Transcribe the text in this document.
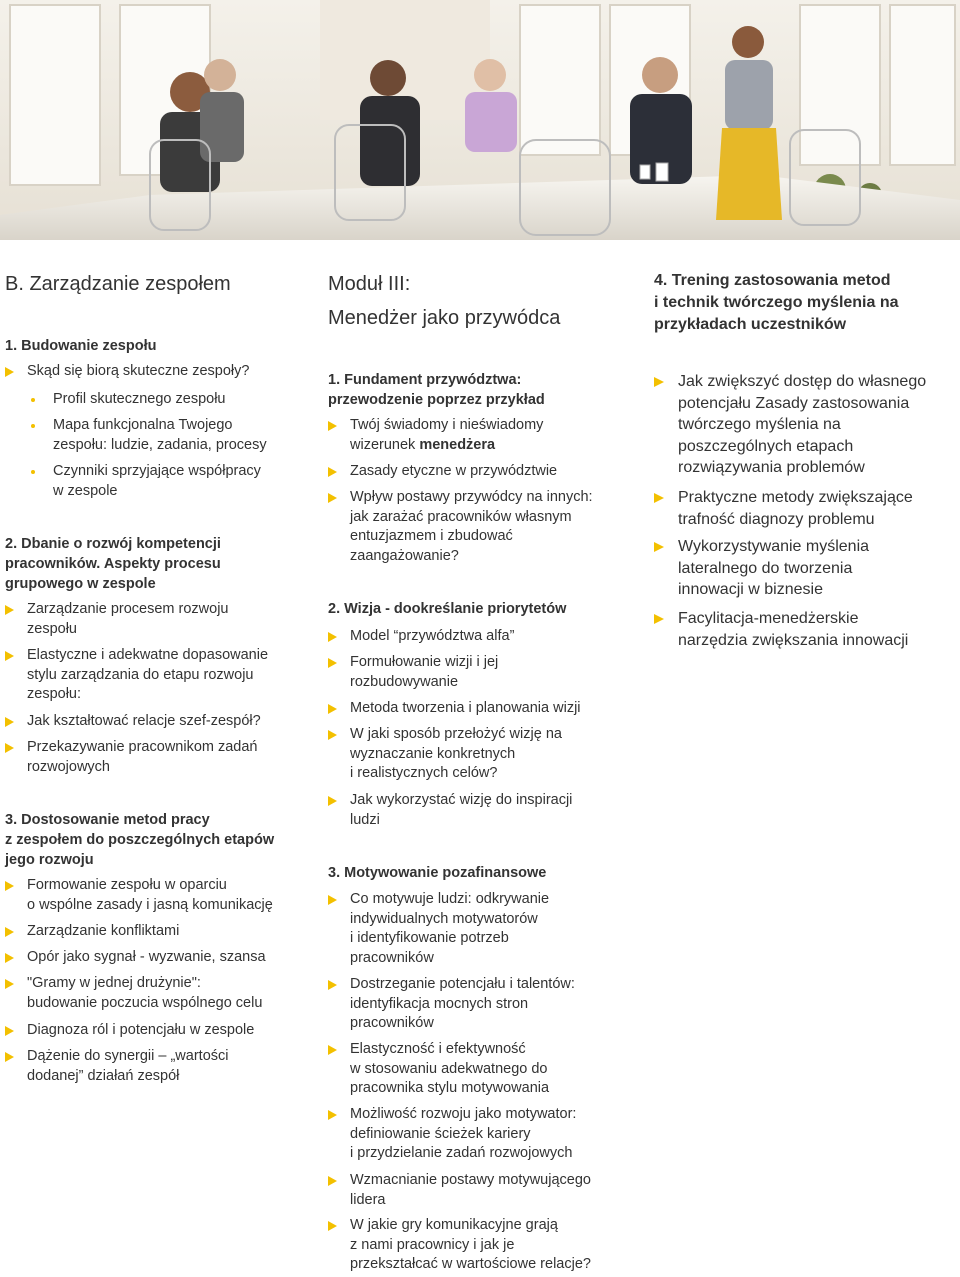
B. Zarządzanie zespołem
1. Budowanie zespołu
Skąd się biorą skuteczne zespoły?
Profil skutecznego zespołu
Mapa funkcjonalna Twojego
zespołu: ludzie, zadania, procesy
Czynniki sprzyjające współpracy
w zespole
2. Dbanie o rozwój kompetencji
pracowników. Aspekty procesu
grupowego w zespole
Zarządzanie procesem rozwoju
zespołu
Elastyczne i adekwatne dopasowanie
stylu zarządzania do etapu rozwoju
zespołu:
Jak kształtować relacje szef-zespół?
Przekazywanie pracownikom zadań
rozwojowych
3. Dostosowanie metod pracy
z zespołem do poszczególnych etapów
jego rozwoju
Formowanie zespołu w oparciu
o wspólne zasady i jasną komunikację
Zarządzanie konfliktami
Opór jako sygnał - wyzwanie, szansa
"Gramy w jednej drużynie":
budowanie poczucia wspólnego celu
Diagnoza ról i potencjału w zespole
Dążenie do synergii – „wartości
dodanej” działań zespół
Moduł III:
Menedżer jako przywódca
1. Fundament przywództwa:
przewodzenie poprzez przykład
Twój świadomy i nieświadomy
wizerunek menedżera
Zasady etyczne w przywództwie
Wpływ postawy przywódcy na innych:
jak zarażać pracowników własnym
entuzjazmem i zbudować
zaangażowanie?
2. Wizja - dookreślanie priorytetów
Model “przywództwa alfa”
Formułowanie wizji i jej
rozbudowywanie
Metoda tworzenia i planowania wizji
W jaki sposób przełożyć wizję na
wyznaczanie konkretnych
i realistycznych celów?
Jak wykorzystać wizję do inspiracji
ludzi
3. Motywowanie pozafinansowe
Co motywuje ludzi: odkrywanie
indywidualnych motywatorów
i identyfikowanie potrzeb
pracowników
Dostrzeganie potencjału i talentów:
identyfikacja mocnych stron
pracowników
Elastyczność i efektywność
w stosowaniu adekwatnego do
pracownika stylu motywowania
Możliwość rozwoju jako motywator:
definiowanie ścieżek kariery
i przydzielanie zadań rozwojowych
Wzmacnianie postawy motywującego
lidera
W jakie gry komunikacyjne grają
z nami pracownicy i jak je
przekształcać w wartościowe relacje?
4. Trening zastosowania metod
i technik twórczego myślenia na
przykładach uczestników
Jak zwiększyć dostęp do własnego
potencjału Zasady zastosowania
twórczego myślenia na
poszczególnych etapach
rozwiązywania problemów
Praktyczne metody zwiększające
trafność diagnozy problemu
Wykorzystywanie myślenia
lateralnego do tworzenia
innowacji w biznesie
Facylitacja-menedżerskie
narzędzia zwiększania innowacji
